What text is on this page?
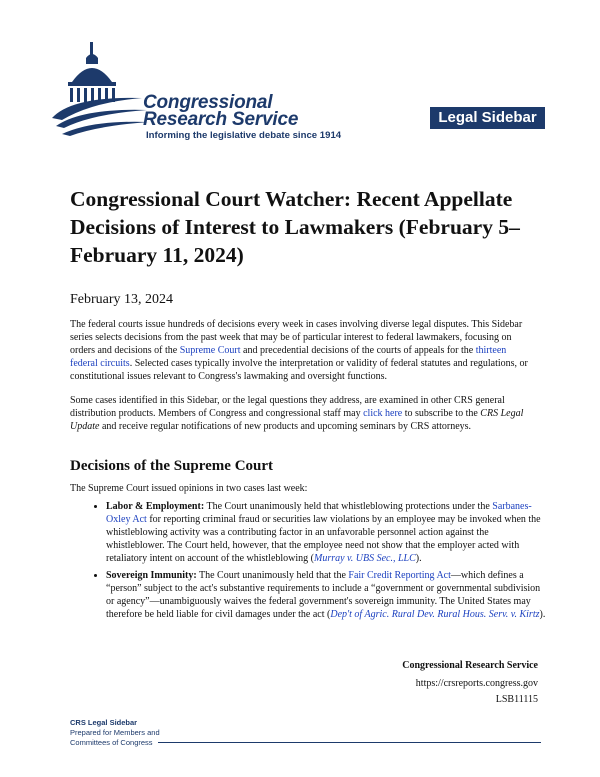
Congressional
Research Service
Informing the legislative debate since 1914
Legal Sidebar
Congressional Court Watcher: Recent Appellate Decisions of Interest to Lawmakers (February 5–February 11, 2024)
February 13, 2024
The federal courts issue hundreds of decisions every week in cases involving diverse legal disputes. This Sidebar series selects decisions from the past week that may be of particular interest to federal lawmakers, focusing on orders and decisions of the Supreme Court and precedential decisions of the courts of appeals for the thirteen federal circuits. Selected cases typically involve the interpretation or validity of federal statutes and regulations, or constitutional issues relevant to Congress's lawmaking and oversight functions.
Some cases identified in this Sidebar, or the legal questions they address, are examined in other CRS general distribution products. Members of Congress and congressional staff may click here to subscribe to the CRS Legal Update and receive regular notifications of new products and upcoming seminars by CRS attorneys.
Decisions of the Supreme Court
The Supreme Court issued opinions in two cases last week:
• Labor & Employment: The Court unanimously held that whistleblowing protections under the Sarbanes-Oxley Act for reporting criminal fraud or securities law violations by an employee may be invoked when the whistleblowing activity was a contributing factor in an unfavorable personnel action against the whistleblower. The Court held, however, that the employee need not show that the employer acted with retaliatory intent on account of the whistleblowing (Murray v. UBS Sec., LLC).
• Sovereign Immunity: The Court unanimously held that the Fair Credit Reporting Act—which defines a “person” subject to the act's substantive requirements to include a “government or governmental subdivision or agency”—unambiguously waives the federal government's sovereign immunity. The United States may therefore be held liable for civil damages under the act (Dep't of Agric. Rural Dev. Rural Hous. Serv. v. Kirtz).
Congressional Research Service
https://crsreports.congress.gov
LSB11115
CRS Legal Sidebar
Prepared for Members and
Committees of Congress
